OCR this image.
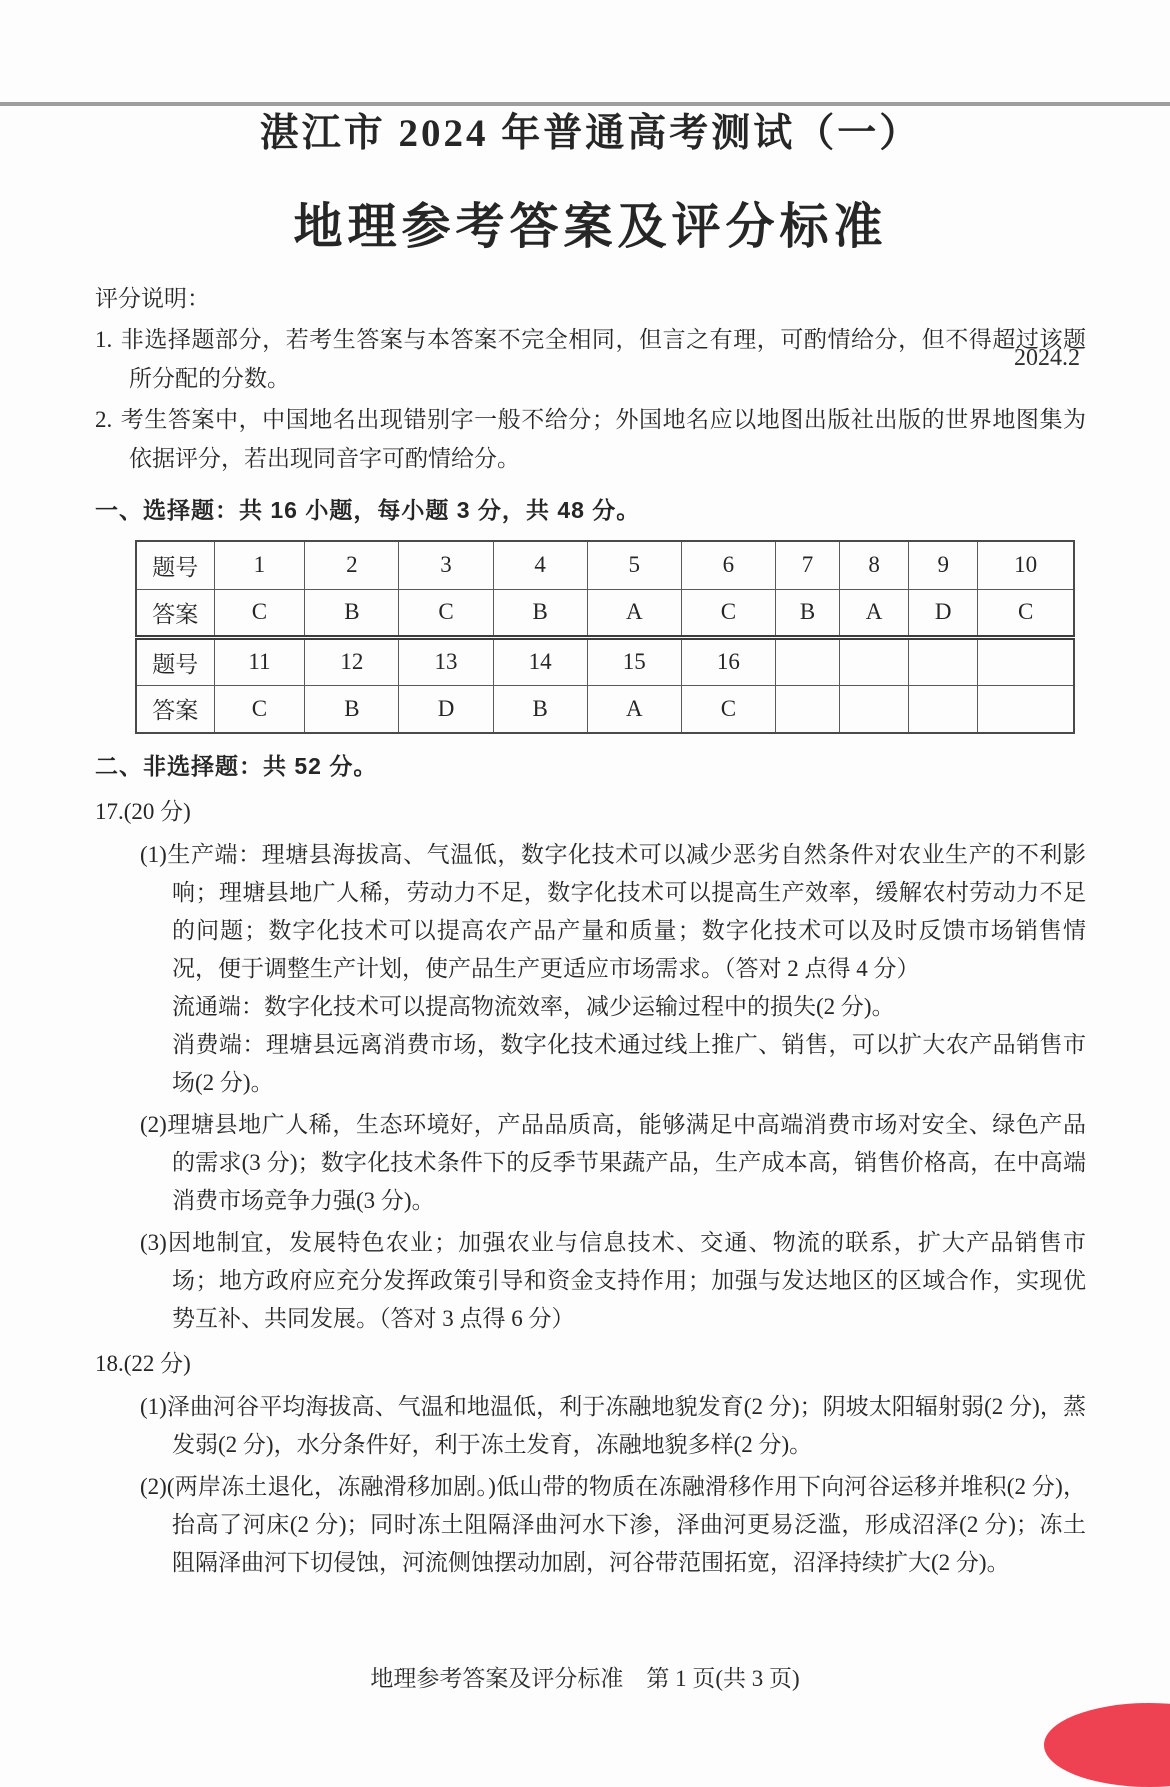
湛江市 2024 年普通高考测试（一）
地理参考答案及评分标准
2024.2
评分说明：
1. 非选择题部分，若考生答案与本答案不完全相同，但言之有理，可酌情给分，但不得超过该题所分配的分数。
2. 考生答案中，中国地名出现错别字一般不给分；外国地名应以地图出版社出版的世界地图集为依据评分，若出现同音字可酌情给分。
一、选择题：共 16 小题，每小题 3 分，共 48 分。
题号	1	2	3	4	5	6	7	8	9	10
答案	C	B	C	B	A	C	B	A	D	C
题号	11	12	13	14	15	16				
答案	C	B	D	B	A	C				
二、非选择题：共 52 分。
17.(20 分)
(1)生产端：理塘县海拔高、气温低，数字化技术可以减少恶劣自然条件对农业生产的不利影响；理塘县地广人稀，劳动力不足，数字化技术可以提高生产效率，缓解农村劳动力不足的问题；数字化技术可以提高农产品产量和质量；数字化技术可以及时反馈市场销售情况，便于调整生产计划，使产品生产更适应市场需求。（答对 2 点得 4 分）
流通端：数字化技术可以提高物流效率，减少运输过程中的损失(2 分)。
消费端：理塘县远离消费市场，数字化技术通过线上推广、销售，可以扩大农产品销售市场(2 分)。
(2)理塘县地广人稀，生态环境好，产品品质高，能够满足中高端消费市场对安全、绿色产品的需求(3 分)；数字化技术条件下的反季节果蔬产品，生产成本高，销售价格高，在中高端消费市场竞争力强(3 分)。
(3)因地制宜，发展特色农业；加强农业与信息技术、交通、物流的联系，扩大产品销售市场；地方政府应充分发挥政策引导和资金支持作用；加强与发达地区的区域合作，实现优势互补、共同发展。（答对 3 点得 6 分）
18.(22 分)
(1)泽曲河谷平均海拔高、气温和地温低，利于冻融地貌发育(2 分)；阴坡太阳辐射弱(2 分)，蒸发弱(2 分)，水分条件好，利于冻土发育，冻融地貌多样(2 分)。
(2)(两岸冻土退化，冻融滑移加剧。)低山带的物质在冻融滑移作用下向河谷运移并堆积(2 分)，抬高了河床(2 分)；同时冻土阻隔泽曲河水下渗，泽曲河更易泛滥，形成沼泽(2 分)；冻土阻隔泽曲河下切侵蚀，河流侧蚀摆动加剧，河谷带范围拓宽，沼泽持续扩大(2 分)。
地理参考答案及评分标准　第 1 页(共 3 页)
